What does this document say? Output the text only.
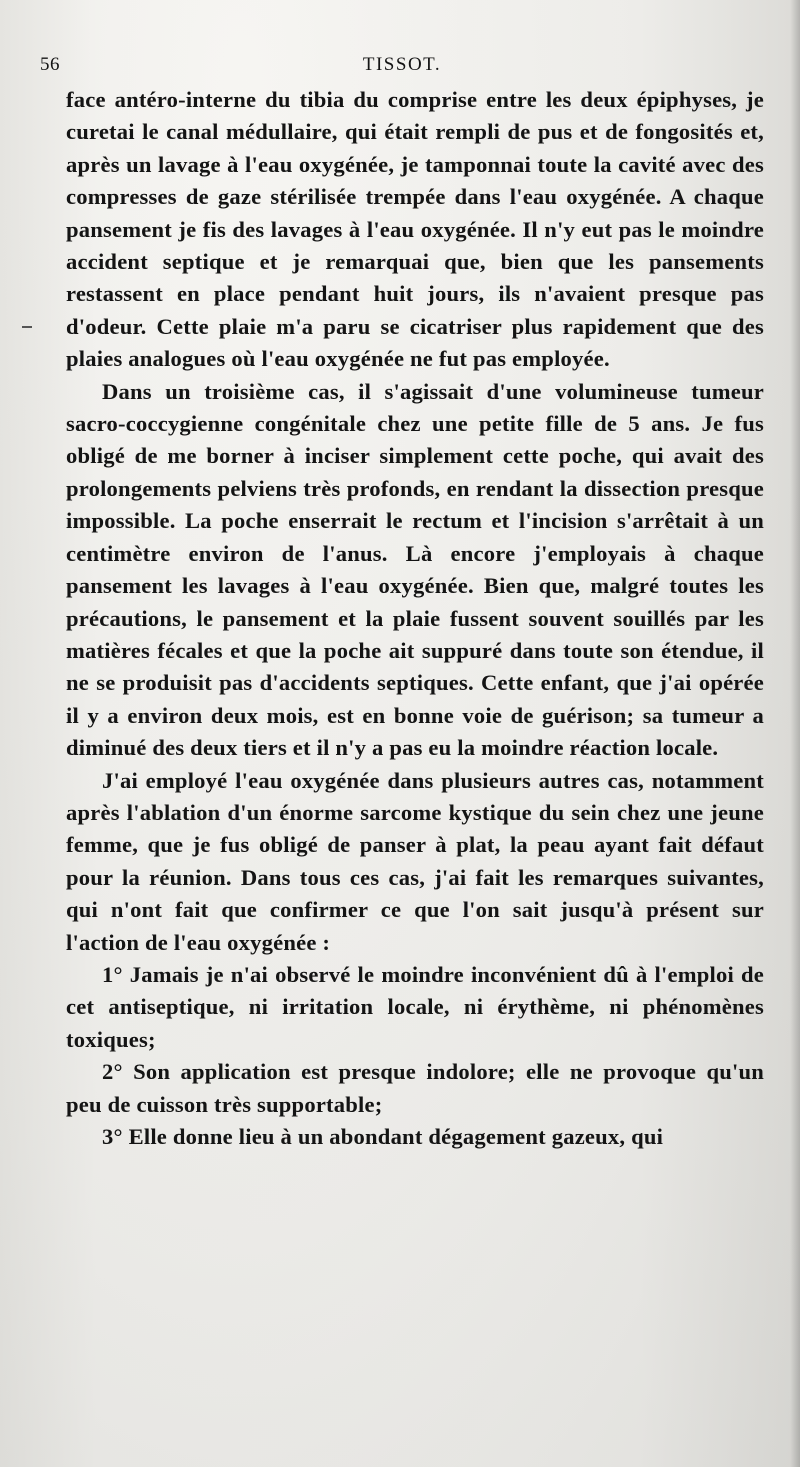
56	TISSOT.

face antéro-interne du tibia du comprise entre les deux épiphyses, je curetai le canal médullaire, qui était rempli de pus et de fongosités et, après un lavage à l'eau oxygénée, je tamponnai toute la cavité avec des compresses de gaze stérilisée trempée dans l'eau oxygénée. A chaque pansement je fis des lavages à l'eau oxygénée. Il n'y eut pas le moindre accident septique et je remarquai que, bien que les pansements restassent en place pendant huit jours, ils n'avaient presque pas d'odeur. Cette plaie m'a paru se cicatriser plus rapidement que des plaies analogues où l'eau oxygénée ne fut pas employée.

Dans un troisième cas, il s'agissait d'une volumineuse tumeur sacro-coccygienne congénitale chez une petite fille de 5 ans. Je fus obligé de me borner à inciser simplement cette poche, qui avait des prolongements pelviens très profonds, en rendant la dissection presque impossible. La poche enserrait le rectum et l'incision s'arrêtait à un centimètre environ de l'anus. Là encore j'employais à chaque pansement les lavages à l'eau oxygénée. Bien que, malgré toutes les précautions, le pansement et la plaie fussent souvent souillés par les matières fécales et que la poche ait suppuré dans toute son étendue, il ne se produisit pas d'accidents septiques. Cette enfant, que j'ai opérée il y a environ deux mois, est en bonne voie de guérison; sa tumeur a diminué des deux tiers et il n'y a pas eu la moindre réaction locale.

J'ai employé l'eau oxygénée dans plusieurs autres cas, notamment après l'ablation d'un énorme sarcome kystique du sein chez une jeune femme, que je fus obligé de panser à plat, la peau ayant fait défaut pour la réunion. Dans tous ces cas, j'ai fait les remarques suivantes, qui n'ont fait que confirmer ce que l'on sait jusqu'à présent sur l'action de l'eau oxygénée :

1° Jamais je n'ai observé le moindre inconvénient dû à l'emploi de cet antiseptique, ni irritation locale, ni érythème, ni phénomènes toxiques;

2° Son application est presque indolore; elle ne provoque qu'un peu de cuisson très supportable;

3° Elle donne lieu à un abondant dégagement gazeux, qui
